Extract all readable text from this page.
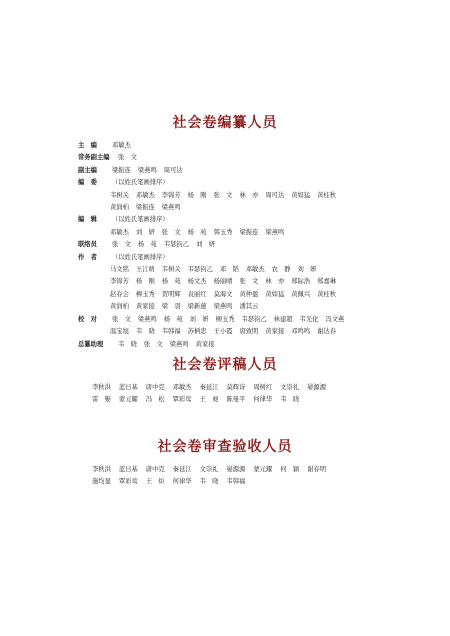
社会卷编纂人员
主　编	邓敏杰
常务副主编	张　文
副主编	梁振连 梁燕鸣 周可达
编　委	（以姓氏笔画排序）
韦树关 邓敏杰 李锦芳 杨　刚 张　文 林　亦 周可达 黄如猛 黄桂秋
黄润柏 梁振连 梁燕鸣
编　辑	（以姓氏笔画排序）
邓敏杰 刘　妍 张　文 杨　苑 韩玉秀 梁振连 梁燕鸣
联络员	张　文 杨　苑 韦瑟钧乙 刘　妍
作　者	（以姓氏笔画排序）
马文铭 王江萌 韦树关 韦瑟钧乙 邓　韬 邓敏杰 农　静 刘　妍
李锦芳 杨　刚 杨　苑 杨文杰 杨丽晴 张　文 林　亦 郑际浩 郑嘉琳
赵春会 柳玉秀 贺明辉 袁丽红 莫海文 黄仲盈 黄如猛 黄佩兴 黄桂秋
黄润柏 黄家接 梁　羽 梁新蓮 梁燕鸣 潘其云
校　对	张　文 梁燕鸣 杨　苑 刘　妍 柳玉秀 韦瑟钧乙 林建超 韦光化 冯文燕
温宝旭 韦　晓 韦韩福 苏柄忠 王小霞 唐致明 黄家接 邓鸣鸣 谢达春
总纂助理	韦　晓 张　文 梁燕鸣 黄家接
社会卷评稿人员
李秋洪 蓝日基 唐中克 邓敏杰 秦延江 莫辉诗 周树红 文崇礼 晏源源
雷　娶 蒙元耀 冯　松 覃彩鸾 王　昶 陈曼平 何律华 韦　晓
社会卷审查验收人员
李秋洪 蓝日基 唐中克 秦延江 文崇礼 晏源源 蒙元耀 何　颖 谢春明
施均显 覃彩鸾 王　炬 何律华 韦　晓 韦韩福
